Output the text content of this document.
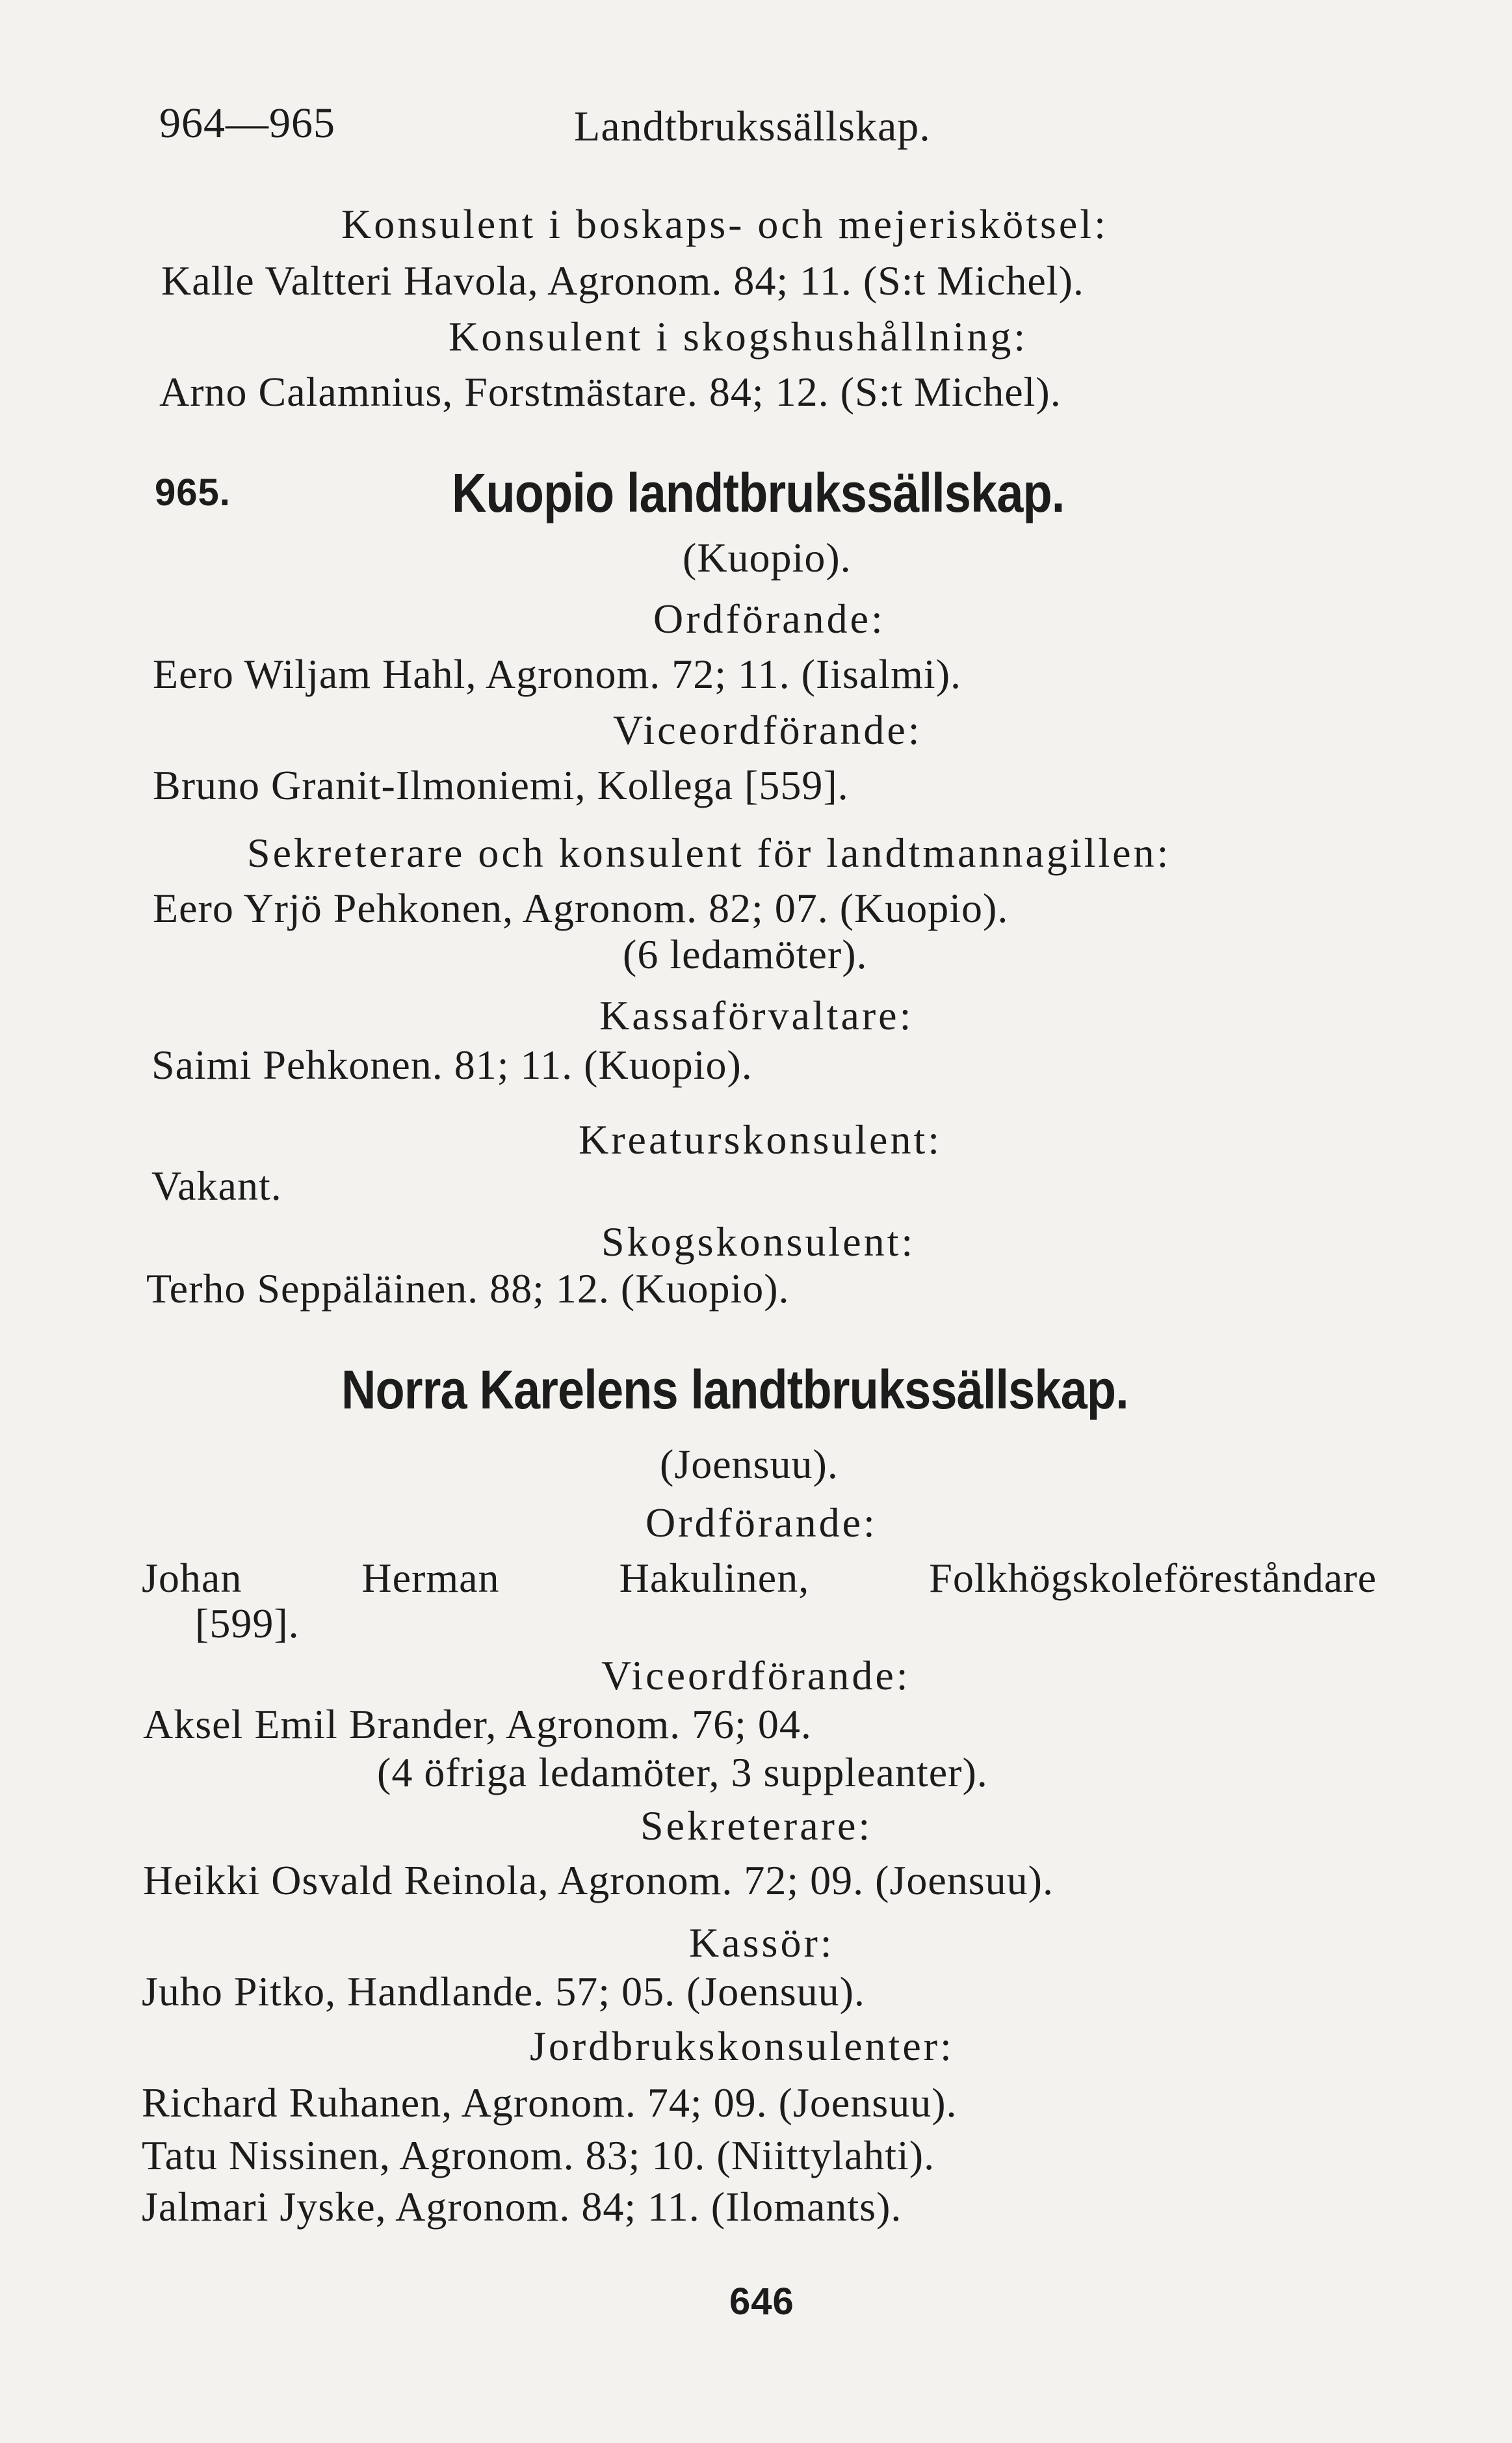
964—965	Landtbrukssällskap.
Konsulent i boskaps- och mejeriskötsel:
Kalle Valtteri Havola, Agronom. 84; 11. (S:t Michel).
Konsulent i skogshushållning:
Arno Calamnius, Forstmästare. 84; 12. (S:t Michel).
965.	Kuopio landtbrukssällskap.
(Kuopio).
Ordförande:
Eero Wiljam Hahl, Agronom. 72; 11. (Iisalmi).
Viceordförande:
Bruno Granit-Ilmoniemi, Kollega [559].
Sekreterare och konsulent för landtmannagillen:
Eero Yrjö Pehkonen, Agronom. 82; 07. (Kuopio).
(6 ledamöter).
Kassaförvaltare:
Saimi Pehkonen. 81; 11. (Kuopio).
Kreaturskonsulent:
Vakant.
Skogskonsulent:
Terho Seppäläinen. 88; 12. (Kuopio).
Norra Karelens landtbrukssällskap.
(Joensuu).
Ordförande:
Johan Herman Hakulinen, Folkhögskoleföreståndare
[599].
Viceordförande:
Aksel Emil Brander, Agronom. 76; 04.
(4 öfriga ledamöter, 3 suppleanter).
Sekreterare:
Heikki Osvald Reinola, Agronom. 72; 09. (Joensuu).
Kassör:
Juho Pitko, Handlande. 57; 05. (Joensuu).
Jordbrukskonsulenter:
Richard Ruhanen, Agronom. 74; 09. (Joensuu).
Tatu Nissinen, Agronom. 83; 10. (Niittylahti).
Jalmari Jyske, Agronom. 84; 11. (Ilomants).
646
